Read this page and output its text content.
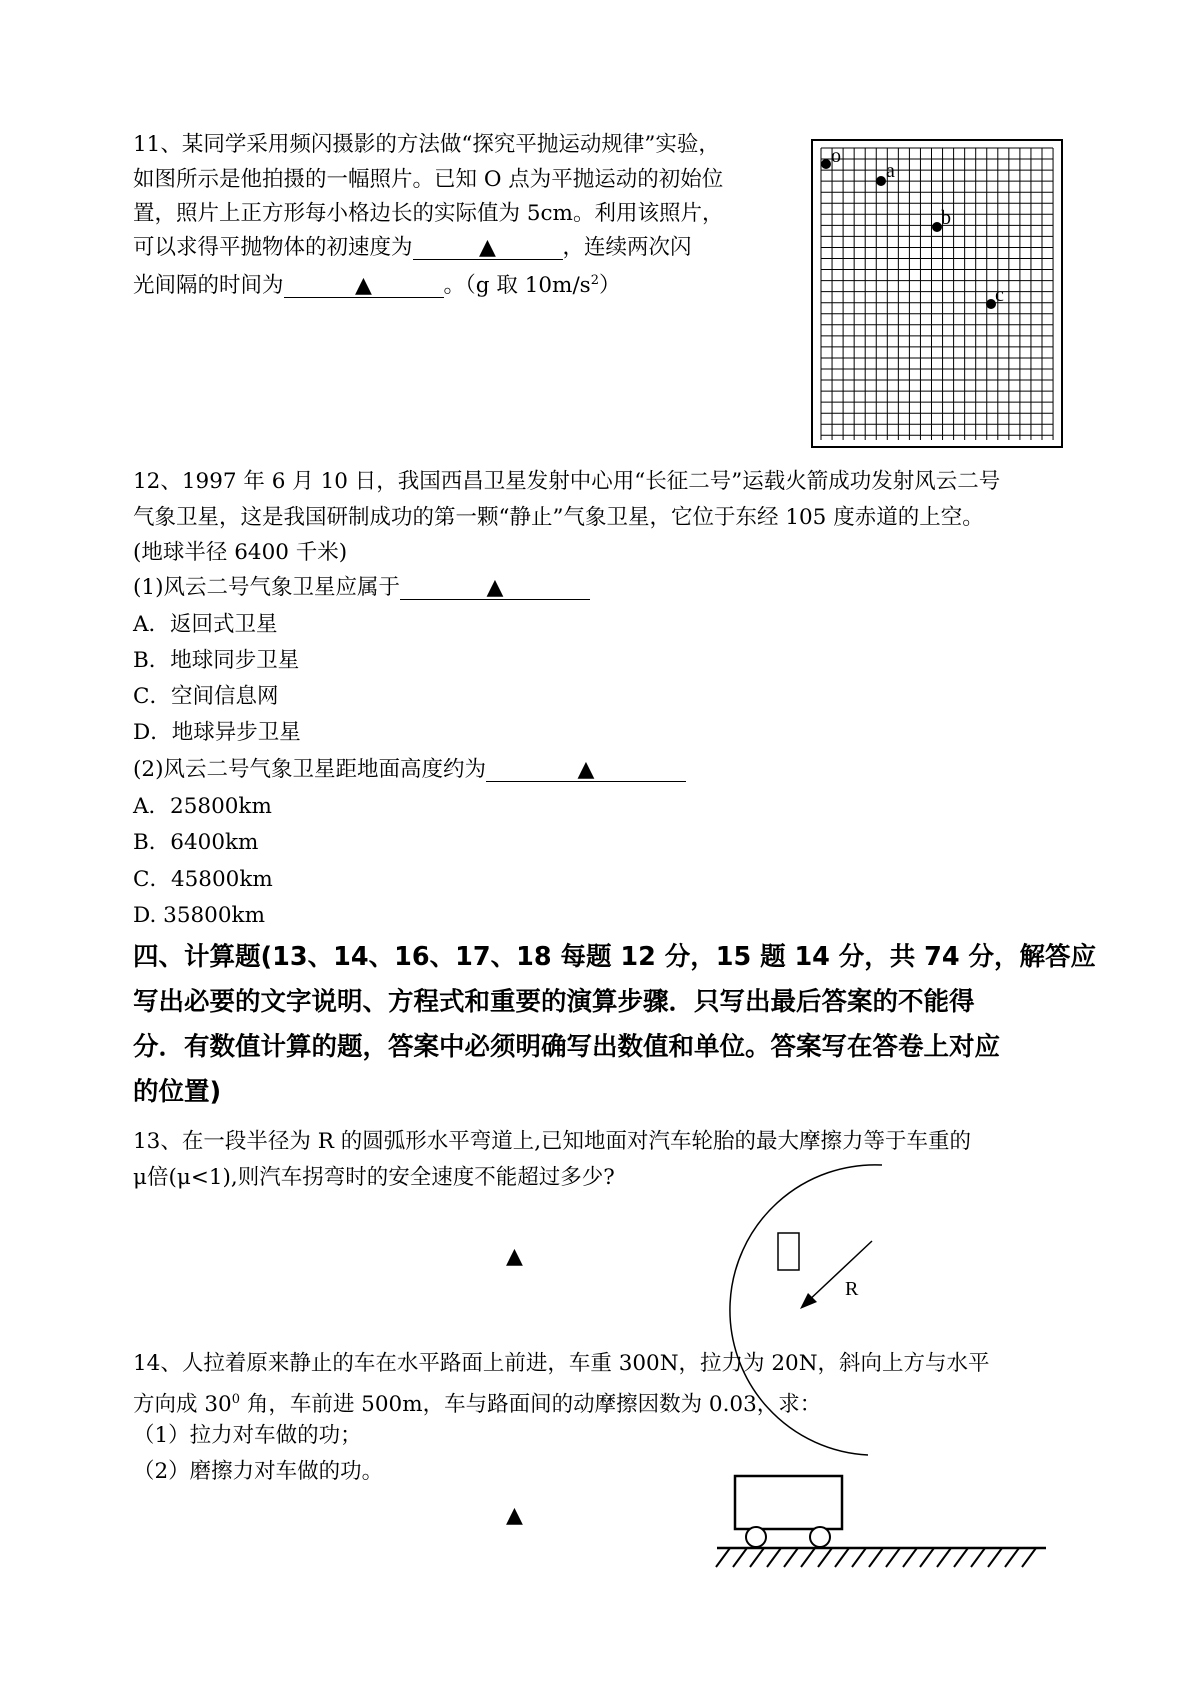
11、某同学采用频闪摄影的方法做“探究平抛运动规律”实验，
如图所示是他拍摄的一幅照片。已知 O 点为平抛运动的初始位
置，照片上正方形每小格边长的实际值为 5cm。利用该照片，
可以求得平抛物体的初速度为	▲	，连续两次闪
光间隔的时间为	▲	。（g 取 $10m/s^2$）
o
a
b
c
12、1997 年 6 月 10 日，我国西昌卫星发射中心用“长征二号”运载火箭成功发射风云二号
气象卫星，这是我国研制成功的第一颗“静止”气象卫星，它位于东经 105 度赤道的上空。
(地球半径 6400 千米)
(1)风云二号气象卫星应属于	▲
A．返回式卫星
B．地球同步卫星
C．空间信息网
D．地球异步卫星
(2)风云二号气象卫星距地面高度约为	▲
A．25800km
B．6400km
C．45800km
D. 35800km
四、计算题(13、14、16、17、18 每题 12 分，15 题 14 分，共 74 分，解答应
写出必要的文字说明、方程式和重要的演算步骤．只写出最后答案的不能得
分．有数值计算的题，答案中必须明确写出数值和单位。答案写在答卷上对应
的位置)
13、在一段半径为 R 的圆弧形水平弯道上,已知地面对汽车轮胎的最大摩擦力等于车重的
μ倍(μ<1),则汽车拐弯时的安全速度不能超过多少?
▲
R
14、人拉着原来静止的车在水平路面上前进，车重 300N，拉力为 20N，斜向上方与水平
方向成 $30^0$ 角，车前进 500m，车与路面间的动摩擦因数为 0.03，求：
（1）拉力对车做的功；
（2）磨擦力对车做的功。
▲
